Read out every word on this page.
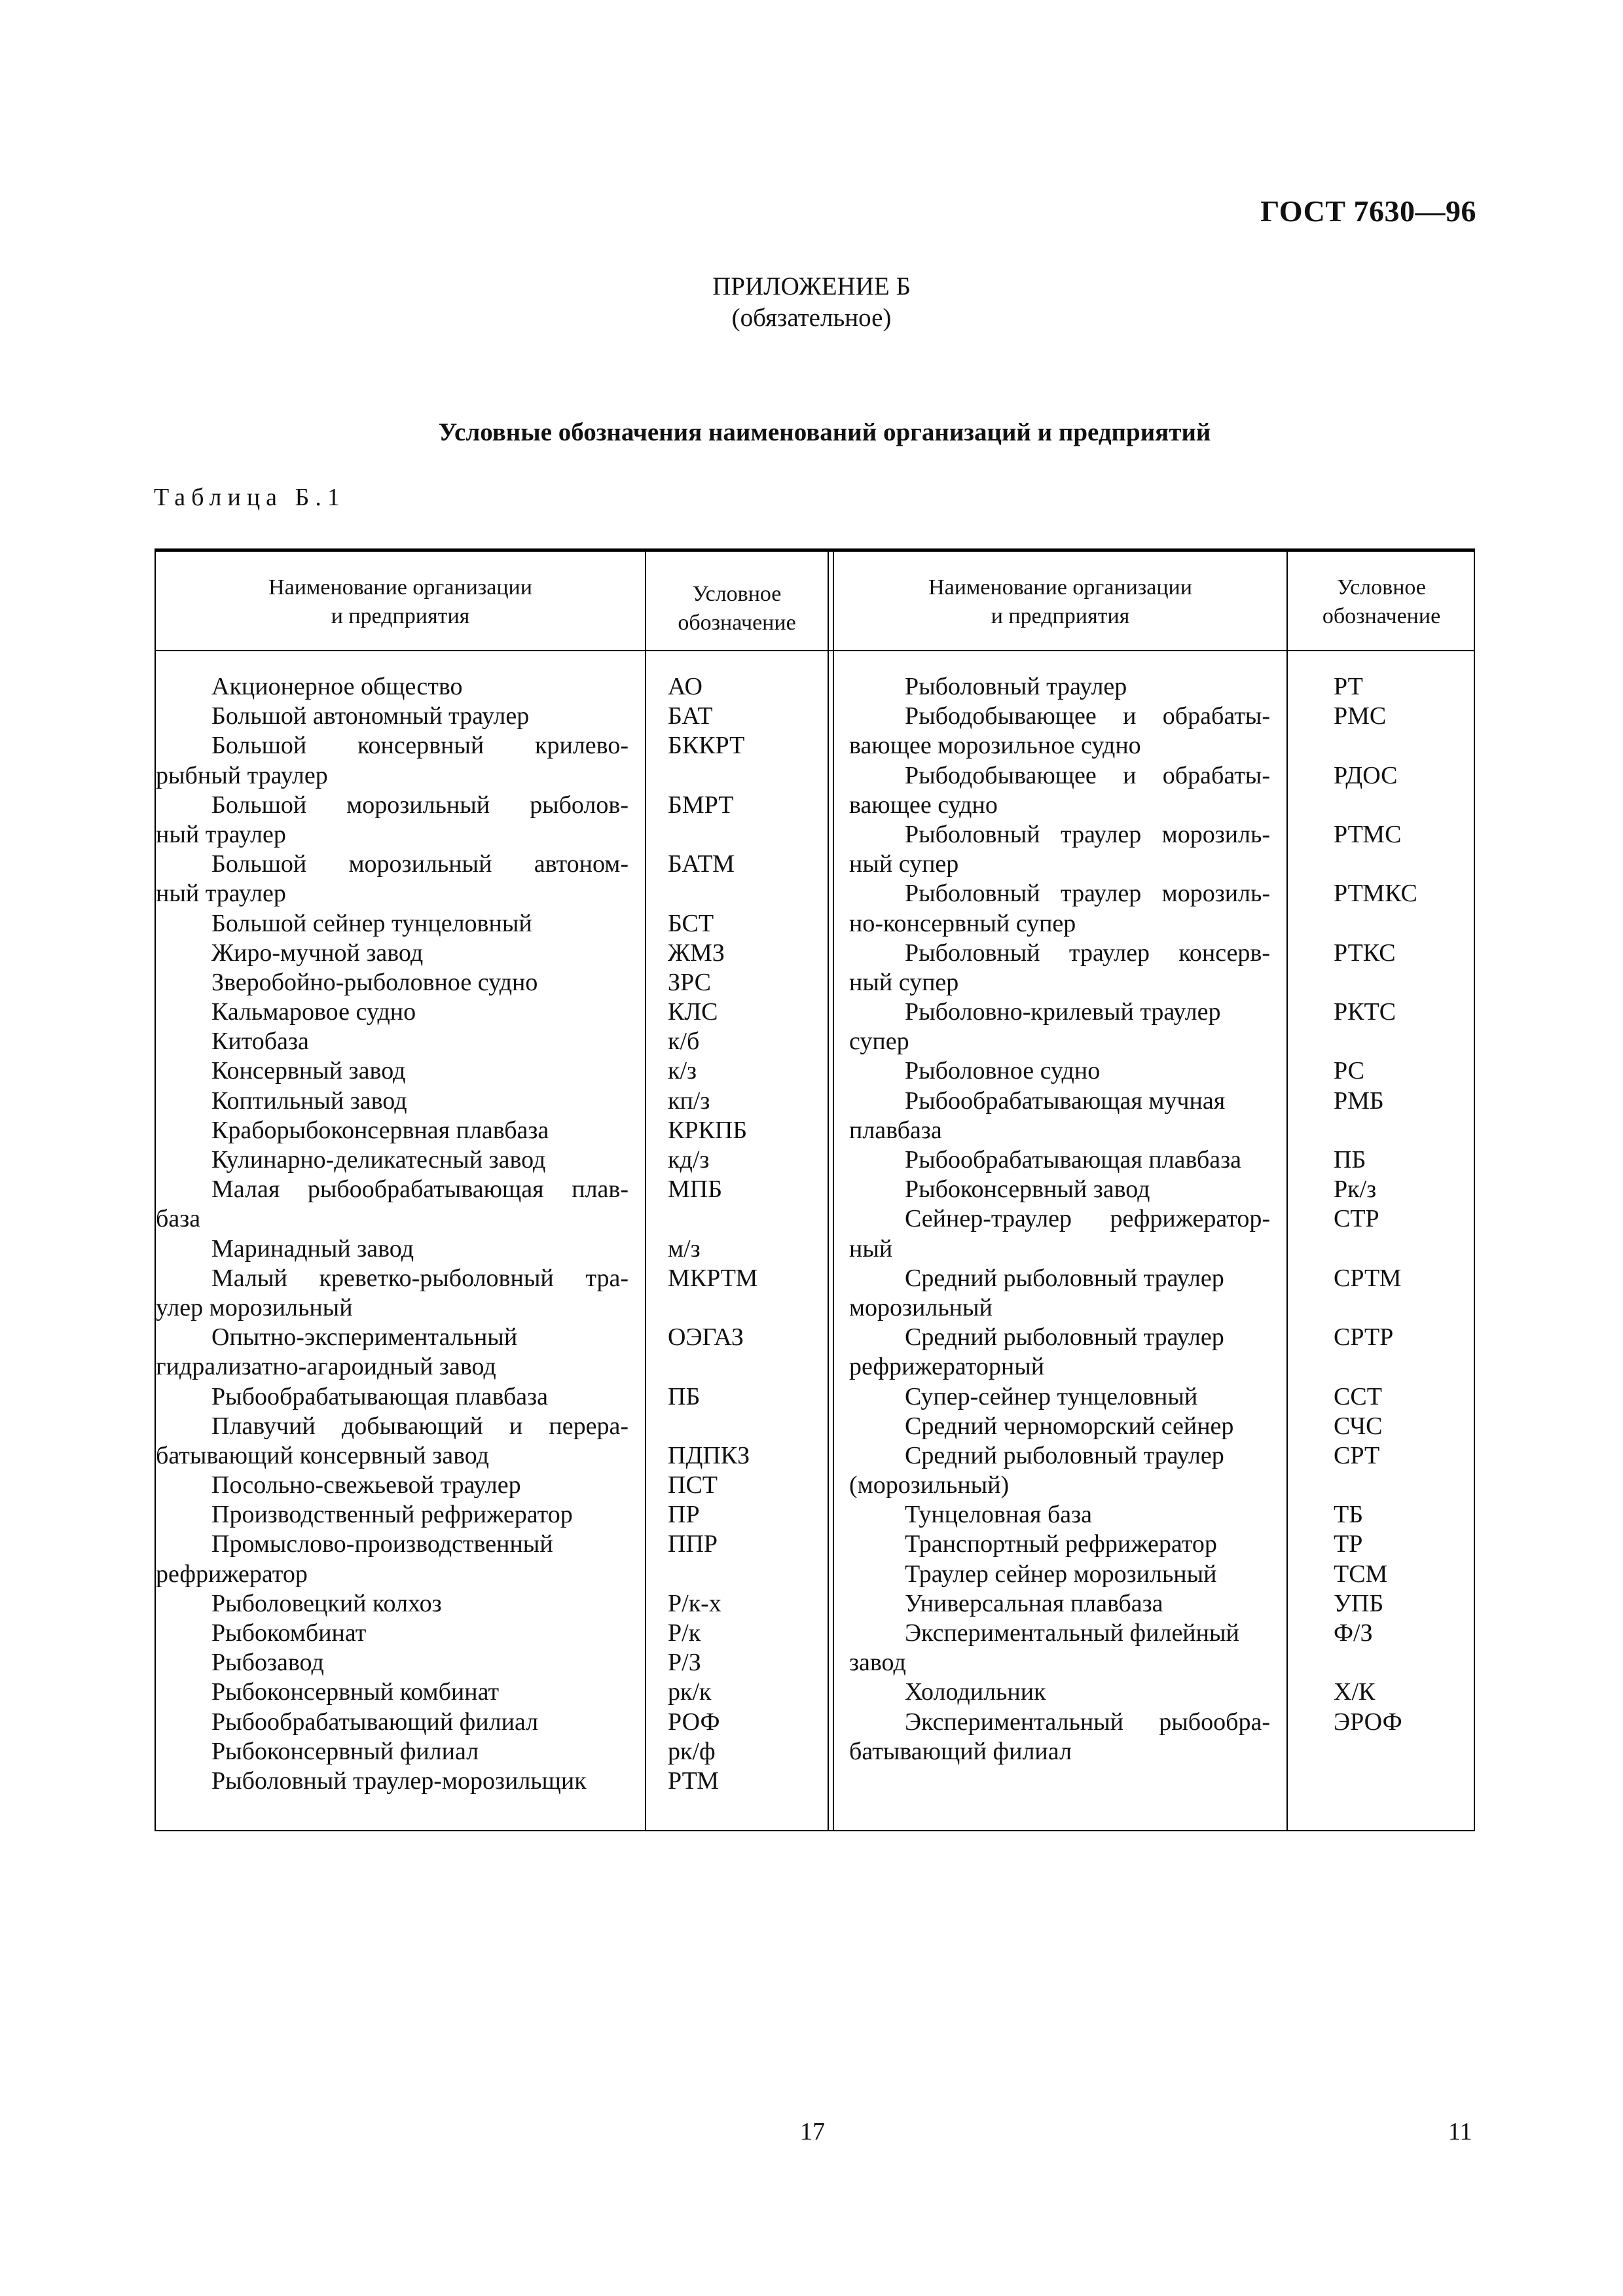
ГОСТ 7630—96
ПРИЛОЖЕНИЕ Б
(обязательное)
Условные обозначения наименований организаций и предприятий
Таблица Б.1
Наименование организации
и предприятия
Условное
обозначение
Наименование организации
и предприятия
Условное
обозначение
Акционерное общество
Большой автономный траулер
Большой консервный крилево-
рыбный траулер
Большой морозильный рыболов-
ный траулер
Большой морозильный автоном-
ный траулер
Большой сейнер тунцеловный
Жиро-мучной завод
Зверобойно-рыболовное судно
Кальмаровое судно
Китобаза
Консервный завод
Коптильный завод
Краборыбоконсервная плавбаза
Кулинарно-деликатесный завод
Малая рыбообрабатывающая плав-
база
Маринадный завод
Малый креветко-рыболовный тра-
улер морозильный
Опытно-экспериментальный
гидрализатно-агароидный завод
Рыбообрабатывающая плавбаза
Плавучий добывающий и перера-
батывающий консервный завод
Посольно-свежьевой траулер
Производственный рефрижератор
Промыслово-производственный
рефрижератор
Рыболовецкий колхоз
Рыбокомбинат
Рыбозавод
Рыбоконсервный комбинат
Рыбообрабатывающий филиал
Рыбоконсервный филиал
Рыболовный траулер-морозильщик
АО
БАТ
БККРТ
БМРТ
БАТМ
БСТ
ЖМЗ
ЗРС
КЛС
к/б
к/з
кп/з
КРКПБ
кд/з
МПБ
м/з
МКРТМ
ОЭГАЗ
ПБ
ПДПКЗ
ПСТ
ПР
ППР
Р/к-х
Р/к
Р/З
рк/к
РОФ
рк/ф
РТМ
Рыболовный траулер
Рыбодобывающее и обрабаты-
вающее морозильное судно
Рыбодобывающее и обрабаты-
вающее судно
Рыболовный траулер морозиль-
ный супер
Рыболовный траулер морозиль-
но-консервный супер
Рыболовный траулер консерв-
ный супер
Рыболовно-крилевый траулер
супер
Рыболовное судно
Рыбообрабатывающая мучная
плавбаза
Рыбообрабатывающая плавбаза
Рыбоконсервный завод
Сейнер-траулер рефрижератор-
ный
Средний рыболовный траулер
морозильный
Средний рыболовный траулер
рефрижераторный
Супер-сейнер тунцеловный
Средний черноморский сейнер
Средний рыболовный траулер
(морозильный)
Тунцеловная база
Транспортный рефрижератор
Траулер сейнер морозильный
Универсальная плавбаза
Экспериментальный филейный
завод
Холодильник
Экспериментальный рыбообра-
батывающий филиал
РТ
РМС
РДОС
РТМС
РТМКС
РТКС
РКТС
РС
РМБ
ПБ
Рк/з
СТР
СРТМ
СРТР
ССТ
СЧС
СРТ
ТБ
ТР
ТСМ
УПБ
Ф/З
Х/К
ЭРОФ
17	11
